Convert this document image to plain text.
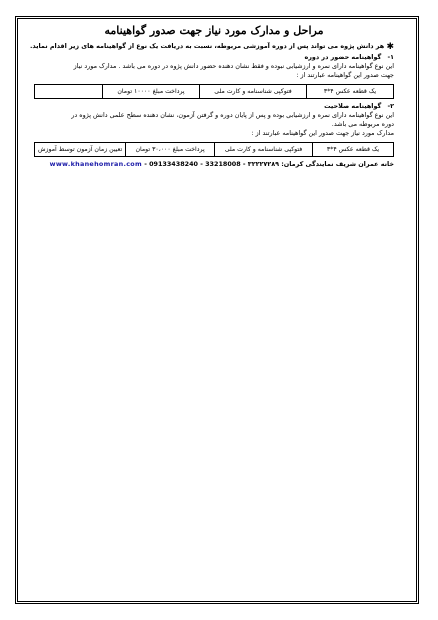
مراحل و مدارک مورد نیاز جهت صدور گواهینامه
✱ هر دانش پژوه می تواند پس از دوره آموزشی مربوطه، نسبت به دریافت یک نوع از گواهینامه های زیر اقدام نماید.
۱- گواهینامه حضور در دوره
این نوع گواهینامه دارای نمره و ارزشیابی نبوده و فقط نشان دهنده حضور دانش پژوه در دوره می باشد . مدارک مورد نیاز
جهت صدور این گواهینامه عبارتند از :
یک قطعه عکس ۴*۳	فتوکپی شناسنامه و کارت ملی	پرداخت مبلغ ۱۰۰۰۰ تومان	
۲- گواهینامه صلاحیت
این نوع گواهینامه دارای نمره و ارزشیابی بوده و پس از پایان دوره و گرفتن آزمون، نشان دهنده سطح علمی دانش پژوه در
دوره مربوطه می باشد.
مدارک مورد نیاز جهت صدور این گواهینامه عبارتند از :
یک قطعه عکس ۴*۳	فتوکپی شناسنامه و کارت ملی	پرداخت مبلغ ۳۰،۰۰۰ تومان	تعیین زمان آزمون توسط آموزش
خانه عمران شریف نمایندگی کرمان: ۳۲۲۲۷۲۸۹ - 33218008 - www.khanehomran.com - 09133438240
